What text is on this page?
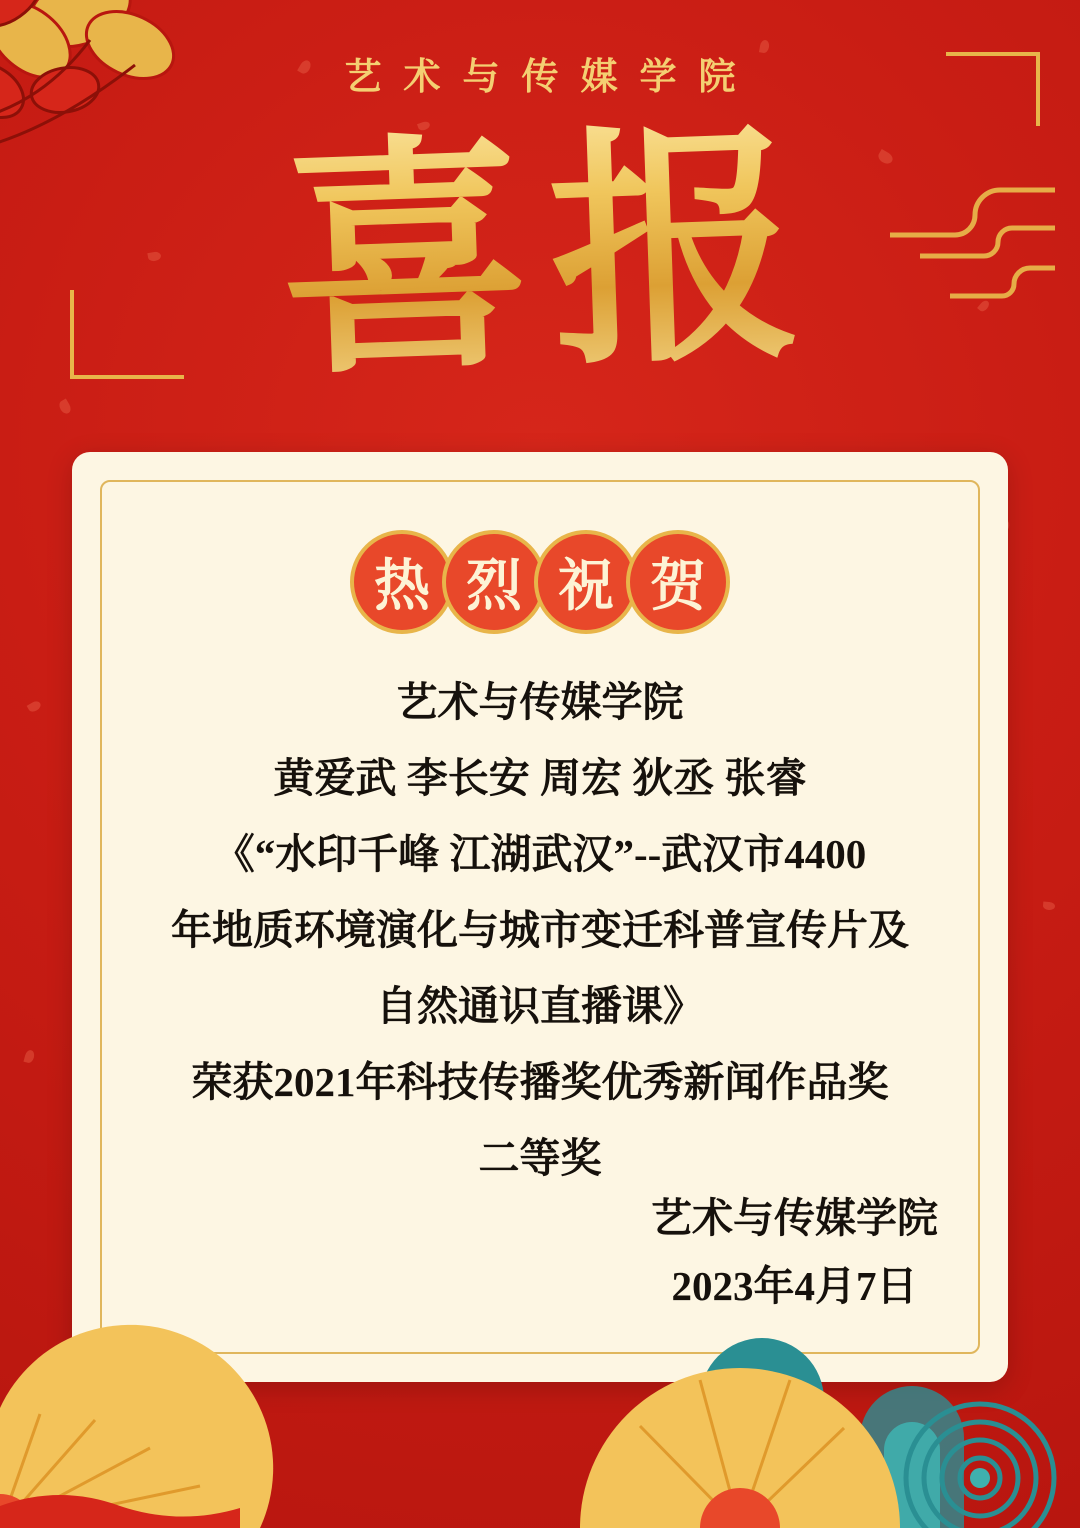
艺术与传媒学院
喜报
热 烈 祝 贺
艺术与传媒学院
黄爱武 李长安 周宏 狄丞 张睿
《“水印千峰 江湖武汉”--武汉市4400
年地质环境演化与城市变迁科普宣传片及
自然通识直播课》
荣获2021年科技传播奖优秀新闻作品奖
二等奖
艺术与传媒学院
2023年4月7日
